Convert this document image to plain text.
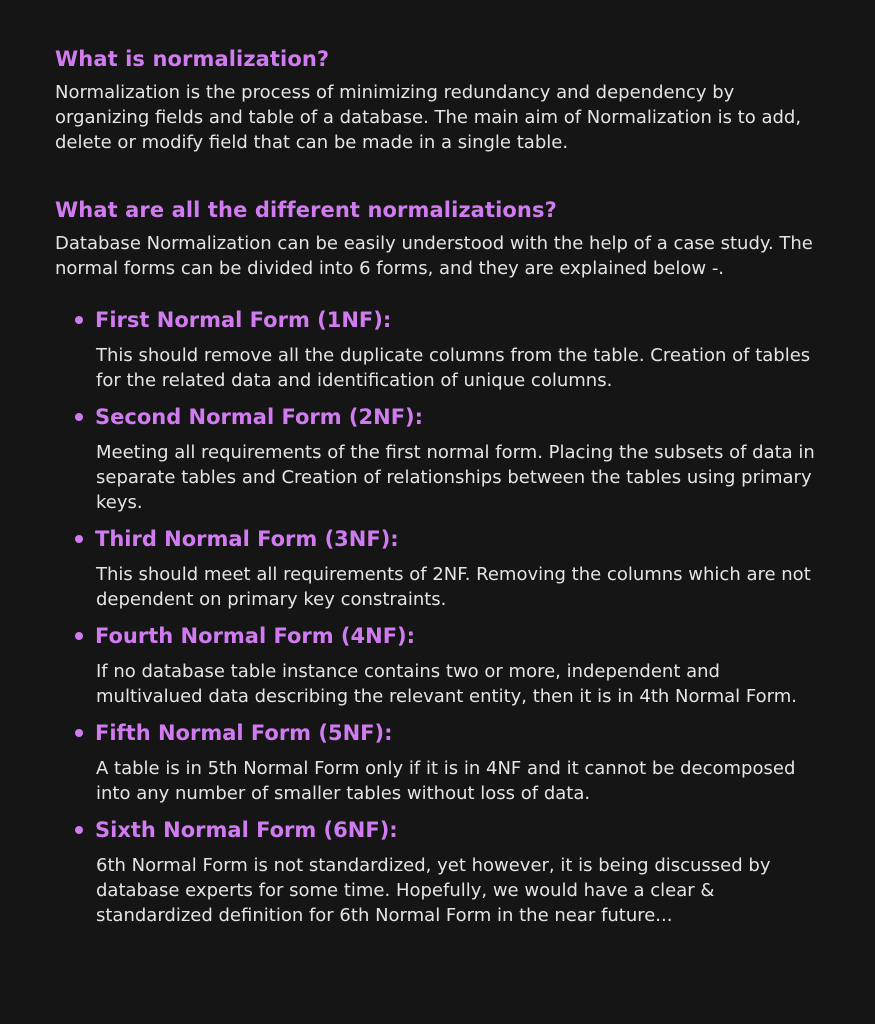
What is normalization?

Normalization is the process of minimizing redundancy and dependency by organizing fields and table of a database. The main aim of Normalization is to add, delete or modify field that can be made in a single table.

What are all the different normalizations?

Database Normalization can be easily understood with the help of a case study. The normal forms can be divided into 6 forms, and they are explained below -.

First Normal Form (1NF):

This should remove all the duplicate columns from the table. Creation of tables for the related data and identification of unique columns.

Second Normal Form (2NF):

Meeting all requirements of the first normal form. Placing the subsets of data in separate tables and Creation of relationships between the tables using primary keys.

Third Normal Form (3NF):

This should meet all requirements of 2NF. Removing the columns which are not dependent on primary key constraints.

Fourth Normal Form (4NF):

If no database table instance contains two or more, independent and multivalued data describing the relevant entity, then it is in 4th Normal Form.

Fifth Normal Form (5NF):

A table is in 5th Normal Form only if it is in 4NF and it cannot be decomposed into any number of smaller tables without loss of data.

Sixth Normal Form (6NF):

6th Normal Form is not standardized, yet however, it is being discussed by database experts for some time. Hopefully, we would have a clear & standardized definition for 6th Normal Form in the near future...
